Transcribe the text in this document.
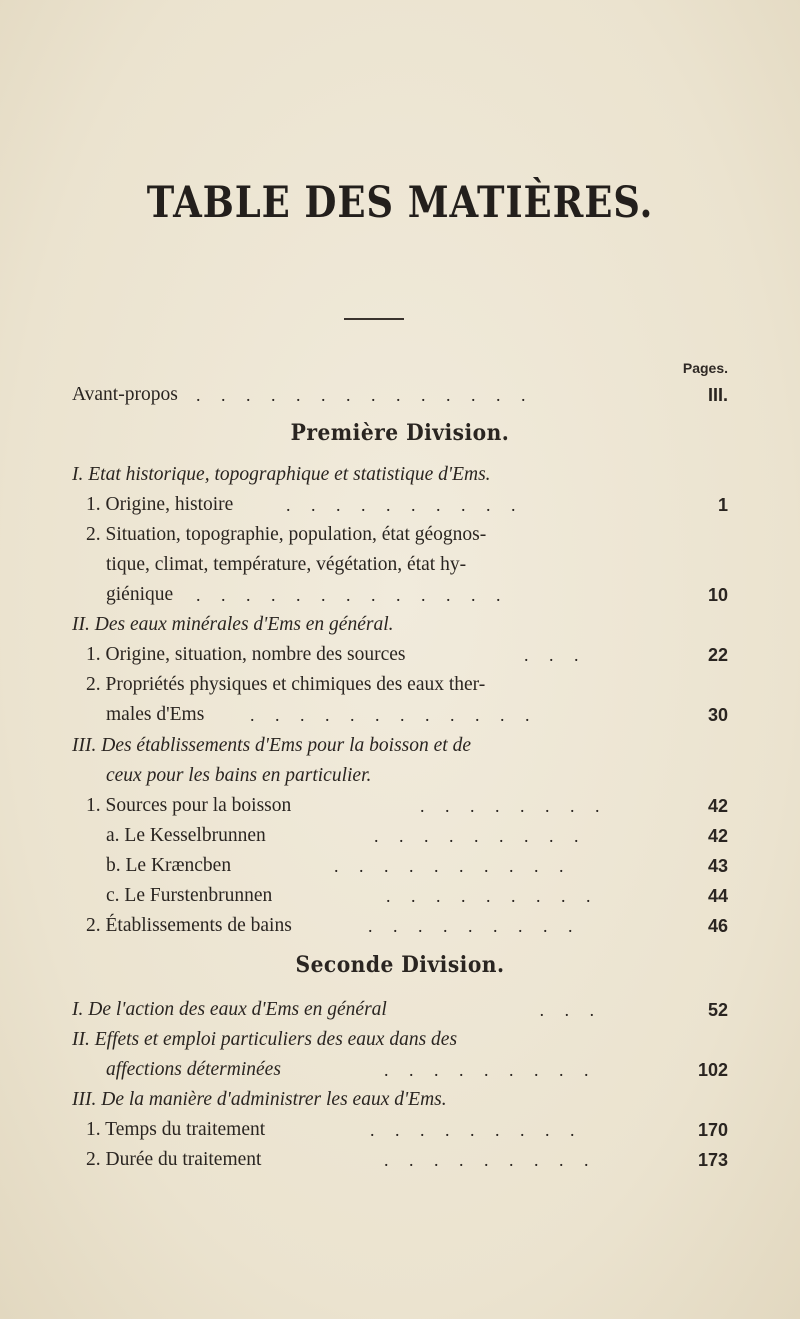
TABLE DES MATIÈRES.
Pages.
Avant-propos . . . . . . . . . . . . . .	III.
Première Division.
I. Etat historique, topographique et statistique d'Ems.
1. Origine, histoire	. . . . . . . . . .	1
2. Situation, topographie, population, état géognos-
tique, climat, température, végétation, état hy-
giénique . . . . . . . . . . . . .	10
II. Des eaux minérales d'Ems en général.
1. Origine, situation, nombre des sources	. . .	22
2. Propriétés physiques et chimiques des eaux ther-
males d'Ems	. . . . . . . . . . . .	30
III. Des établissements d'Ems pour la boisson et de
ceux pour les bains en particulier.
1. Sources pour la boisson	. . . . . . . .	42
a. Le Kesselbrunnen	. . . . . . . . .	42
b. Le Kræncben	. . . . . . . . . .	43
c. Le Furstenbrunnen	. . . . . . . . .	44
2. Établissements de bains	. . . . . . . . .	46
Seconde Division.
I. De l'action des eaux d'Ems en général	. . .	52
II. Effets et emploi particuliers des eaux dans des
affections déterminées	. . . . . . . . .	102
III. De la manière d'administrer les eaux d'Ems.
1. Temps du traitement	. . . . . . . . .	170
2. Durée du traitement	. . . . . . . . .	173
